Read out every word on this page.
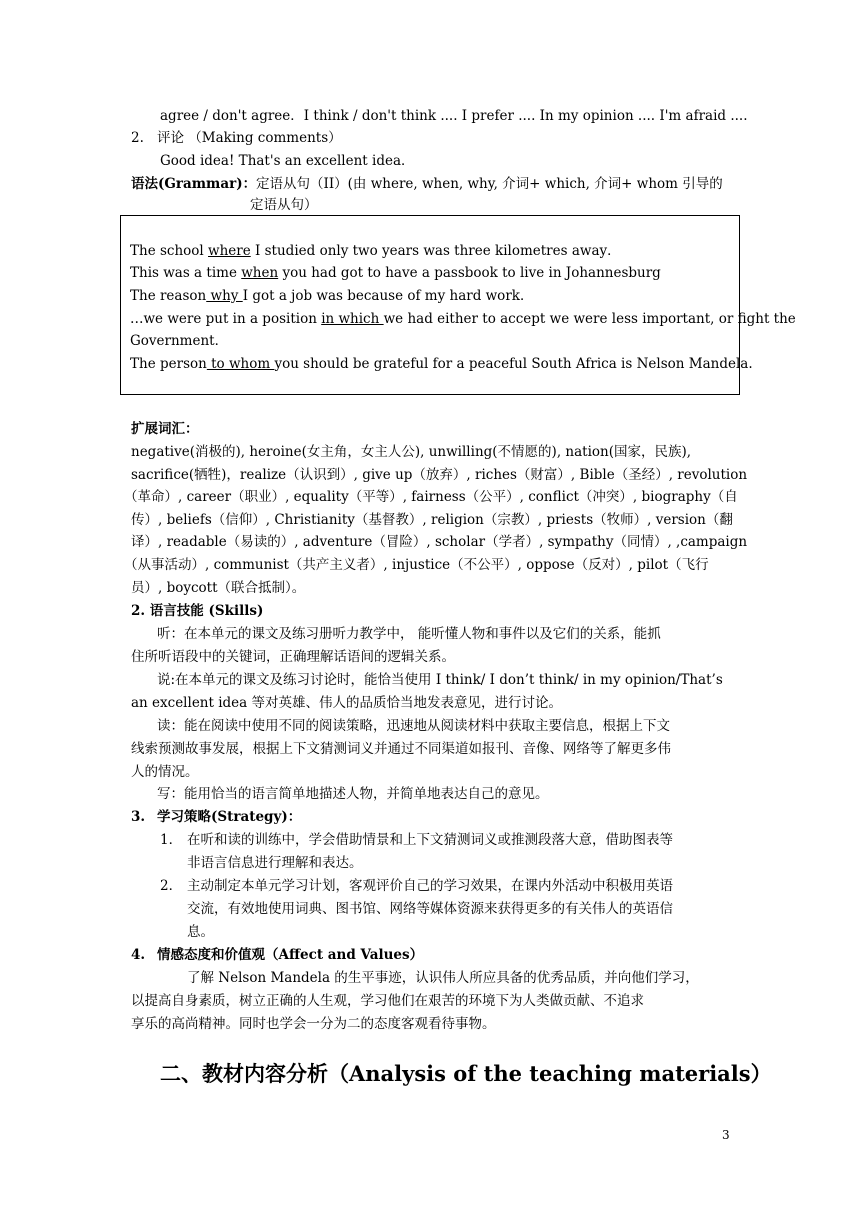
agree / don't agree．I think / don't think .... I prefer .... In my opinion .... I'm afraid ....
2. 评论 （Making comments）
Good idea! That's an excellent idea．
语法(Grammar)： 定语从句（II）(由 where, when, why, 介词+ which, 介词+ whom 引导的
定语从句）
The school where I studied only two years was three kilometres away．
This was a time when you had got to have a passbook to live in Johannesburg
The reason why I got a job was because of my hard work．
…we were put in a position in which we had either to accept we were less important, or fight the
Government．
The person to whom you should be grateful for a peaceful South Africa is Nelson Mandela.
扩展词汇：
negative(消极的), heroine(女主角，女主人公), unwilling(不情愿的), nation(国家，民族),
sacrifice(牺牲)，realize（认识到）, give up（放弃）, riches（财富）, Bible（圣经）, revolution
（革命）, career（职业）, equality（平等）, fairness（公平）, conflict（冲突）, biography（自
传）, beliefs（信仰）, Christianity（基督教）, religion（宗教）, priests（牧师）, version（翻
译）, readable（易读的）, adventure（冒险）, scholar（学者）, sympathy（同情）, ,campaign
（从事活动）, communist（共产主义者）, injustice（不公平）, oppose（反对）, pilot（飞行
员）, boycott（联合抵制）。
2. 语言技能 (Skills)
听：在本单元的课文及练习册听力教学中， 能听懂人物和事件以及它们的关系，能抓
住所听语段中的关键词，正确理解话语间的逻辑关系。
说:在本单元的课文及练习讨论时，能恰当使用 I think/ I don’t think/ in my opinion/That’s
an excellent idea 等对英雄、伟人的品质恰当地发表意见，进行讨论。
读：能在阅读中使用不同的阅读策略，迅速地从阅读材料中获取主要信息，根据上下文
线索预测故事发展，根据上下文猜测词义并通过不同渠道如报刊、音像、网络等了解更多伟
人的情况。
写：能用恰当的语言简单地描述人物，并简单地表达自己的意见。
3. 学习策略(Strategy)：
1． 在听和读的训练中，学会借助情景和上下文猜测词义或推测段落大意，借助图表等
非语言信息进行理解和表达。
2． 主动制定本单元学习计划，客观评价自己的学习效果，在课内外活动中积极用英语
交流，有效地使用词典、图书馆、网络等媒体资源来获得更多的有关伟人的英语信
息。
4. 情感态度和价值观（Affect and Values）
了解 Nelson Mandela 的生平事迹，认识伟人所应具备的优秀品质，并向他们学习，
以提高自身素质，树立正确的人生观，学习他们在艰苦的环境下为人类做贡献、不追求
享乐的高尚精神。同时也学会一分为二的态度客观看待事物。
二、教材内容分析（Analysis of the teaching materials）
3
